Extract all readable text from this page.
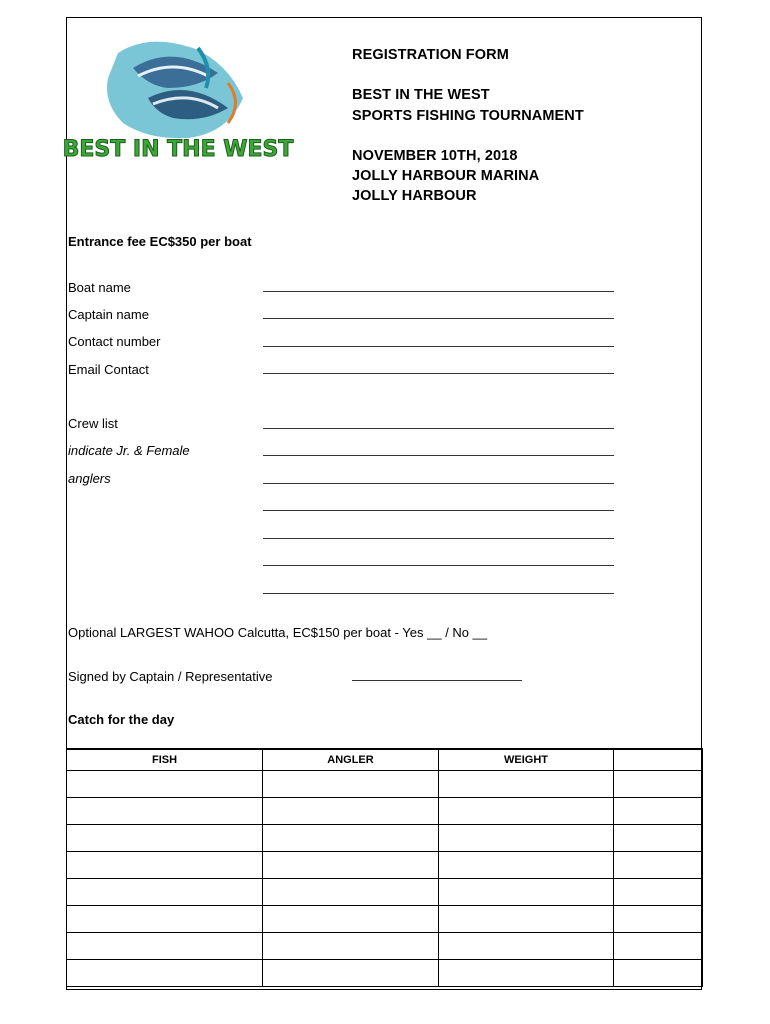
BEST IN THE WEST
REGISTRATION FORM
BEST IN THE WEST
SPORTS FISHING TOURNAMENT
NOVEMBER 10TH, 2018
JOLLY HARBOUR MARINA
JOLLY HARBOUR
Entrance fee EC$350 per boat
Boat name
Captain name
Contact number
Email Contact
Crew list
indicate Jr. & Female
anglers
Optional LARGEST WAHOO Calcutta, EC$150 per boat - Yes __ / No __
Signed by Captain / Representative
Catch for the day
FISH	ANGLER	WEIGHT	
